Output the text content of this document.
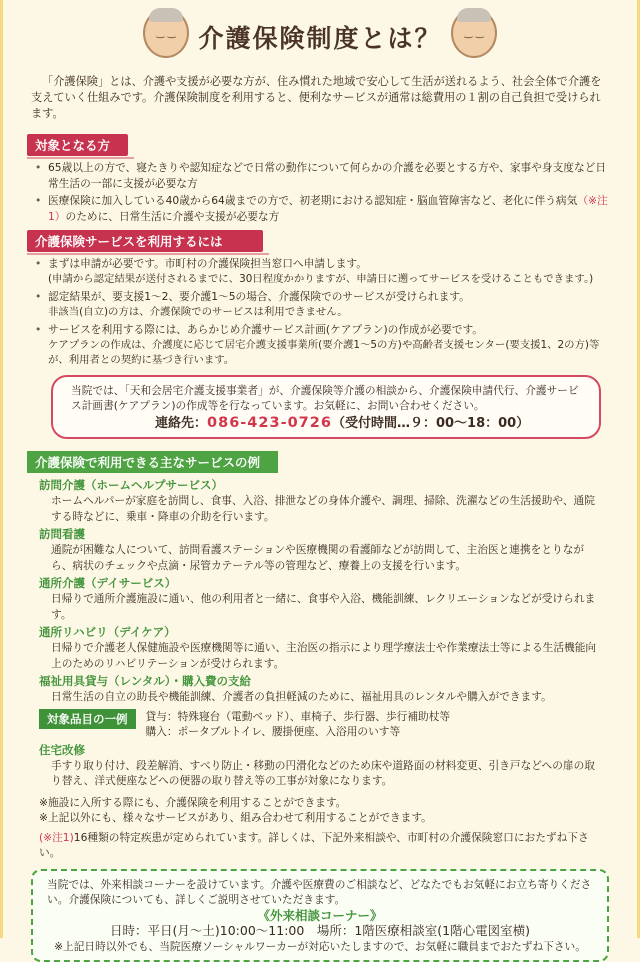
‿ ‿
‿ ‿
介護保険制度とは？

「介護保険」とは、介護や支援が必要な方が、住み慣れた地域で安心して生活が送れるよう、社会全体で介護を支えていく仕組みです。介護保険制度を利用すると、便利なサービスが通常は総費用の１割の自己負担で受けられます。

対象となる方
• 65歳以上の方で、寝たきりや認知症などで日常の動作について何らかの介護を必要とする方や、家事や身支度など日常生活の一部に支援が必要な方
• 医療保険に加入している40歳から64歳までの方で、初老期における認知症・脳血管障害など、老化に伴う病気（※注1）のために、日常生活に介護や支援が必要な方
介護保険サービスを利用するには
• まずは申請が必要です。市町村の介護保険担当窓口へ申請します。
(申請から認定結果が送付されるまでに、30日程度かかりますが、申請日に遡ってサービスを受けることもできます。)
• 認定結果が、要支援1〜2、要介護1〜5の場合、介護保険でのサービスが受けられます。
非該当(自立)の方は、介護保険でのサービスは利用できません。
• サービスを利用する際には、あらかじめ介護サービス計画(ケアプラン)の作成が必要です。
ケアプランの作成は、介護度に応じて居宅介護支援事業所(要介護1〜5の方)や高齢者支援センター(要支援1、2の方)等が、利用者との契約に基づき行います。
当院では、「天和会居宅介護支援事業者」が、介護保険等介護の相談から、介護保険申請代行、介護サービス計画書(ケアプラン)の作成等を行なっています。お気軽に、お問い合わせください。
連絡先：086-423-0726（受付時間…９：00〜18：00）
介護保険で利用できる主なサービスの例
訪問介護（ホームヘルプサービス）

ホームヘルパーが家庭を訪問し、食事、入浴、排泄などの身体介護や、調理、掃除、洗濯などの生活援助や、通院する時などに、乗車・降車の介助を行います。

訪問看護

通院が困難な人について、訪問看護ステーションや医療機関の看護師などが訪問して、主治医と連携をとりながら、病状のチェックや点滴・尿管カテーテル等の管理など、療養上の支援を行います。

通所介護（デイサービス）

日帰りで通所介護施設に通い、他の利用者と一緒に、食事や入浴、機能訓練、レクリエーションなどが受けられます。

通所リハビリ（デイケア）

日帰りで介護老人保健施設や医療機関等に通い、主治医の指示により理学療法士や作業療法士等による生活機能向上のためのリハビリテーションが受けられます。

福祉用具貸与（レンタル）・購入費の支給

日常生活の自立の助長や機能訓練、介護者の負担軽減のために、福祉用具のレンタルや購入ができます。

対象品目の一例	貸与：特殊寝台（電動ベッド）、車椅子、歩行器、歩行補助杖等
購入：ポータブルトイレ、腰掛便座、入浴用のいす等
住宅改修

手すり取り付け、段差解消、すべり防止・移動の円滑化などのため床や道路面の材料変更、引き戸などへの扉の取り替え、洋式便座などへの便器の取り替え等の工事が対象になります。

※施設に入所する際にも、介護保険を利用することができます。
※上記以外にも、様々なサービスがあり、組み合わせて利用することができます。
(※注1)16種類の特定疾患が定められています。詳しくは、下記外来相談や、市町村の介護保険窓口におたずね下さい。
当院では、外来相談コーナーを設けています。介護や医療費のご相談など、どなたでもお気軽にお立ち寄りください。介護保険についても、詳しくご説明させていただきます。
《外来相談コーナー》
日時：平日(月〜土)10:00〜11:00　場所：1階医療相談室(1階心電図室横)
※上記日時以外でも、当院医療ソーシャルワーカーが対応いたしますので、お気軽に職員までおたずね下さい。
